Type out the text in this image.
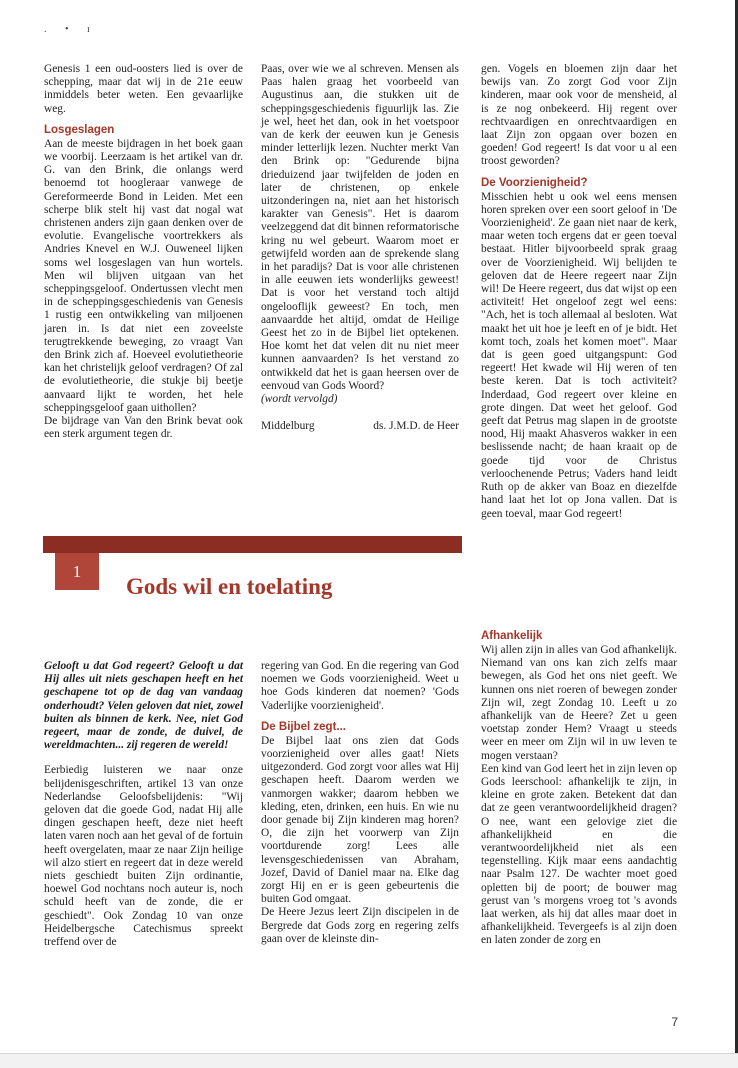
. • ı

Genesis 1 een oud-oosters lied is over de schepping, maar dat wij in de 21e eeuw inmiddels beter weten. Een gevaarlijke weg.

Losgeslagen

Aan de meeste bijdragen in het boek gaan we voorbij. Leerzaam is het artikel van dr. G. van den Brink, die onlangs werd benoemd tot hoogleraar vanwege de Gereformeerde Bond in Leiden. Met een scherpe blik stelt hij vast dat nogal wat christenen anders zijn gaan denken over de evolutie. Evangelische voortrekkers als Andries Knevel en W.J. Ouweneel lijken soms wel losgeslagen van hun wortels. Men wil blijven uitgaan van het scheppingsgeloof. Ondertussen vlecht men in de scheppingsgeschiedenis van Genesis 1 rustig een ontwikkeling van miljoenen jaren in. Is dat niet een zoveelste terugtrekkende beweging, zo vraagt Van den Brink zich af. Hoeveel evolutietheorie kan het christelijk geloof verdragen? Of zal de evolutietheorie, die stukje bij beetje aanvaard lijkt te worden, het hele scheppingsgeloof gaan uithollen?

De bijdrage van Van den Brink bevat ook een sterk argument tegen dr.

Paas, over wie we al schreven. Mensen als Paas halen graag het voorbeeld van Augustinus aan, die stukken uit de scheppingsgeschiedenis figuurlijk las. Zie je wel, heet het dan, ook in het voetspoor van de kerk der eeuwen kun je Genesis minder letterlijk lezen. Nuchter merkt Van den Brink op: "Gedurende bijna drieduizend jaar twijfelden de joden en later de christenen, op enkele uitzonderingen na, niet aan het historisch karakter van Genesis". Het is daarom veelzeggend dat dit binnen reformatorische kring nu wel gebeurt. Waarom moet er getwijfeld worden aan de sprekende slang in het paradijs? Dat is voor alle christenen in alle eeuwen iets wonderlijks geweest! Dat is voor het verstand toch altijd ongelooflijk geweest? En toch, men aanvaardde het altijd, omdat de Heilige Geest het zo in de Bijbel liet optekenen. Hoe komt het dat velen dit nu niet meer kunnen aanvaarden? Is het verstand zo ontwikkeld dat het is gaan heersen over de eenvoud van Gods Woord?

(wordt vervolgd)

Middelburg	ds. J.M.D. de Heer

gen. Vogels en bloemen zijn daar het bewijs van. Zo zorgt God voor Zijn kinderen, maar ook voor de mensheid, al is ze nog onbekeerd. Hij regent over rechtvaardigen en onrechtvaardigen en laat Zijn zon opgaan over bozen en goeden! God regeert! Is dat voor u al een troost geworden?

De Voorzienigheid?

Misschien hebt u ook wel eens mensen horen spreken over een soort geloof in 'De Voorzienigheid'. Ze gaan niet naar de kerk, maar weten toch ergens dat er geen toeval bestaat. Hitler bijvoorbeeld sprak graag over de Voorzienigheid. Wij belijden te geloven dat de Heere regeert naar Zijn wil! De Heere regeert, dus dat wijst op een activiteit! Het ongeloof zegt wel eens: "Ach, het is toch allemaal al besloten. Wat maakt het uit hoe je leeft en of je bidt. Het komt toch, zoals het komen moet". Maar dat is geen goed uitgangspunt: God regeert! Het kwade wil Hij weren of ten beste keren. Dat is toch activiteit? Inderdaad, God regeert over kleine en grote dingen. Dat weet het geloof. God geeft dat Petrus mag slapen in de grootste nood, Hij maakt Ahasveros wakker in een beslissende nacht; de haan kraait op de goede tijd voor de Christus verloochenende Petrus; Vaders hand leidt Ruth op de akker van Boaz en diezelfde hand laat het lot op Jona vallen. Dat is geen toeval, maar God regeert!

1
Gods wil en toelating

Gelooft u dat God regeert? Gelooft u dat Hij alles uit niets geschapen heeft en het geschapene tot op de dag van vandaag onderhoudt? Velen geloven dat niet, zowel buiten als binnen de kerk. Nee, niet God regeert, maar de zonde, de duivel, de wereldmachten... zij regeren de wereld!

Eerbiedig luisteren we naar onze belijdenisgeschriften, artikel 13 van onze Nederlandse Geloofsbelijdenis: "Wij geloven dat die goede God, nadat Hij alle dingen geschapen heeft, deze niet heeft laten varen noch aan het geval of de fortuin heeft overgelaten, maar ze naar Zijn heilige wil alzo stiert en regeert dat in deze wereld niets geschiedt buiten Zijn ordinantie, hoewel God nochtans noch auteur is, noch schuld heeft van de zonde, die er geschiedt". Ook Zondag 10 van onze Heidelbergsche Catechismus spreekt treffend over de

regering van God. En die regering van God noemen we Gods voorzienigheid. Weet u hoe Gods kinderen dat noemen? 'Gods Vaderlijke voorzienigheid'.

De Bijbel zegt...

De Bijbel laat ons zien dat Gods voorzienigheid over alles gaat! Niets uitgezonderd. God zorgt voor alles wat Hij geschapen heeft. Daarom werden we vanmorgen wakker; daarom hebben we kleding, eten, drinken, een huis. En wie nu door genade bij Zijn kinderen mag horen? O, die zijn het voorwerp van Zijn voortdurende zorg! Lees alle levensgeschiedenissen van Abraham, Jozef, David of Daniel maar na. Elke dag zorgt Hij en er is geen gebeurtenis die buiten God omgaat.

De Heere Jezus leert Zijn discipelen in de Bergrede dat Gods zorg en regering zelfs gaan over de kleinste din-

Afhankelijk

Wij allen zijn in alles van God afhankelijk. Niemand van ons kan zich zelfs maar bewegen, als God het ons niet geeft. We kunnen ons niet roeren of bewegen zonder Zijn wil, zegt Zondag 10. Leeft u zo afhankelijk van de Heere? Zet u geen voetstap zonder Hem? Vraagt u steeds weer en meer om Zijn wil in uw leven te mogen verstaan?

Een kind van God leert het in zijn leven op Gods leerschool: afhankelijk te zijn, in kleine en grote zaken. Betekent dat dan dat ze geen verantwoordelijkheid dragen? O nee, want een gelovige ziet die afhankelijkheid en die verantwoordelijkheid niet als een tegenstelling. Kijk maar eens aandachtig naar Psalm 127. De wachter moet goed opletten bij de poort; de bouwer mag gerust van 's morgens vroeg tot 's avonds laat werken, als hij dat alles maar doet in afhankelijkheid. Tevergeefs is al zijn doen en laten zonder de zorg en

7
